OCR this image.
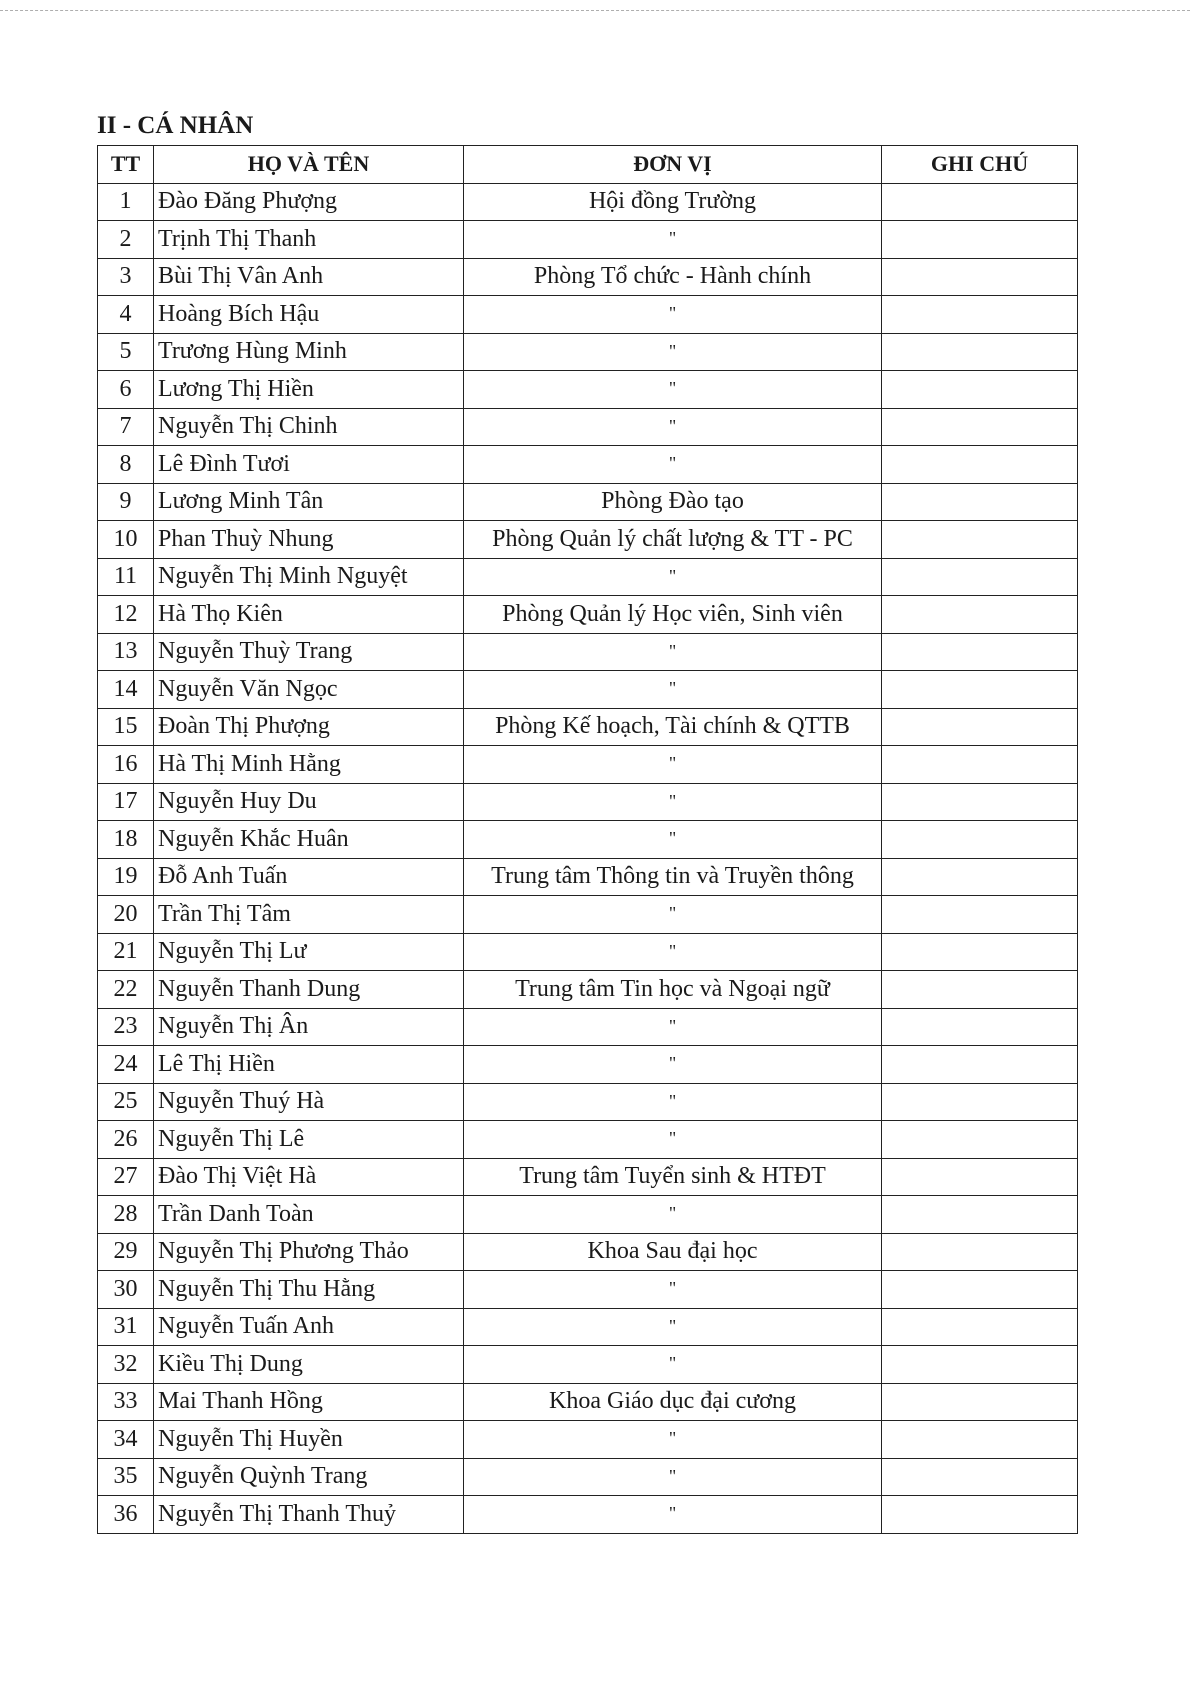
II - CÁ NHÂN
TT	HỌ VÀ TÊN	ĐƠN VỊ	GHI CHÚ
1	Đào Đăng Phượng	Hội đồng Trường	
2	Trịnh Thị Thanh	"	
3	Bùi Thị Vân Anh	Phòng Tổ chức - Hành chính	
4	Hoàng Bích Hậu	"	
5	Trương Hùng Minh	"	
6	Lương Thị Hiền	"	
7	Nguyễn Thị Chinh	"	
8	Lê Đình Tươi	"	
9	Lương Minh Tân	Phòng Đào tạo	
10	Phan Thuỳ Nhung	Phòng Quản lý chất lượng & TT - PC	
11	Nguyễn Thị Minh Nguyệt	"	
12	Hà Thọ Kiên	Phòng Quản lý Học viên, Sinh viên	
13	Nguyễn Thuỳ Trang	"	
14	Nguyễn Văn Ngọc	"	
15	Đoàn Thị Phượng	Phòng Kế hoạch, Tài chính & QTTB	
16	Hà Thị Minh Hằng	"	
17	Nguyễn Huy Du	"	
18	Nguyễn Khắc Huân	"	
19	Đỗ Anh Tuấn	Trung tâm Thông tin và Truyền thông	
20	Trần Thị Tâm	"	
21	Nguyễn Thị Lư	"	
22	Nguyễn Thanh Dung	Trung tâm Tin học và Ngoại ngữ	
23	Nguyễn Thị Ân	"	
24	Lê Thị Hiền	"	
25	Nguyễn Thuý Hà	"	
26	Nguyễn Thị Lê	"	
27	Đào Thị Việt Hà	Trung tâm Tuyển sinh & HTĐT	
28	Trần Danh Toàn	"	
29	Nguyễn Thị Phương Thảo	Khoa Sau đại học	
30	Nguyễn Thị Thu Hằng	"	
31	Nguyễn Tuấn Anh	"	
32	Kiều Thị Dung	"	
33	Mai Thanh Hồng	Khoa Giáo dục đại cương	
34	Nguyễn Thị Huyền	"	
35	Nguyễn Quỳnh Trang	"	
36	Nguyễn Thị Thanh Thuỷ	"	
